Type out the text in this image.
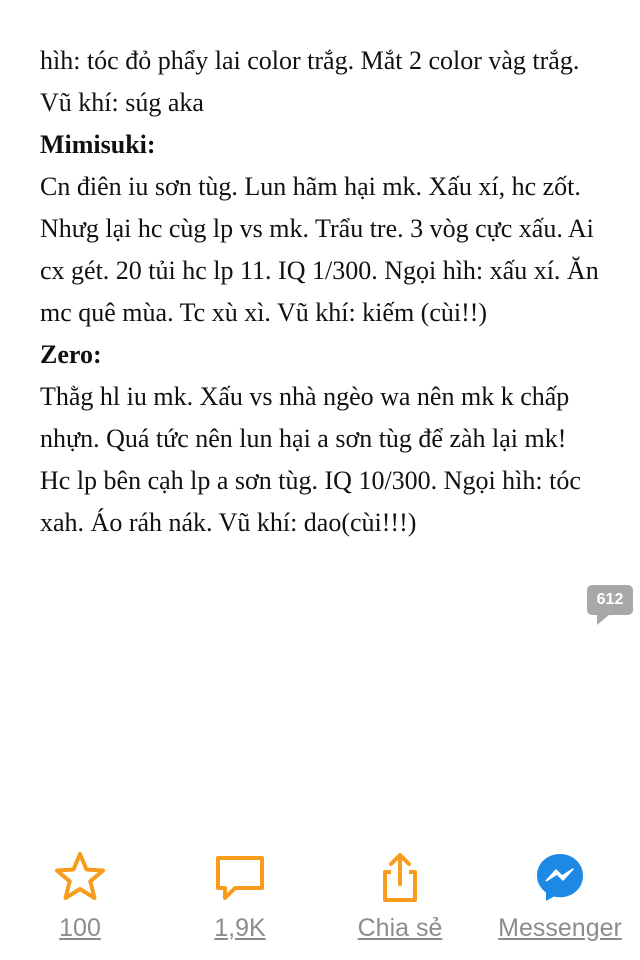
hìh: tóc đỏ phẩy lai color trắg. Mắt 2 color vàg trắg. Vũ khí: súg aka

Mimisuki:

Cn điên iu sơn tùg. Lun hãm hại mk. Xấu xí, hc zốt. Nhưg lại hc cùg lp vs mk. Trẩu tre. 3 vòg cực xấu. Ai cx gét. 20 tủi hc lp 11. IQ 1/300. Ngọi hìh: xấu xí. Ăn mc quê mùa. Tc xù xì. Vũ khí: kiếm (cùi!!)

Zero:

Thằg hl iu mk. Xấu vs nhà ngèo wa nên mk k chấp nhựn. Quá tức nên lun hại a sơn tùg để zàh lại mk! Hc lp bên cạh lp a sơn tùg. IQ 10/300. Ngọi hìh: tóc xah. Áo ráh nák. Vũ khí: dao(cùi!!!)

612
100	1,9K	Chia sẻ Messenger
